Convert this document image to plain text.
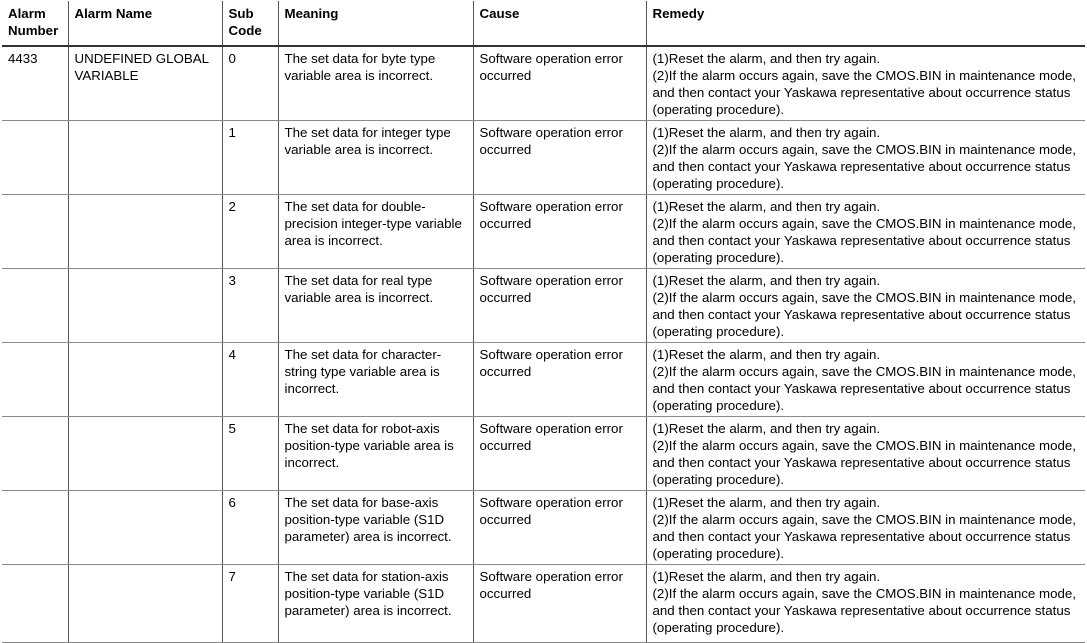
Alarm Number	Alarm Name	Sub Code	Meaning	Cause	Remedy
4433	UNDEFINED GLOBAL VARIABLE	0	The set data for byte type variable area is incorrect.	Software operation error occurred	(1)Reset the alarm, and then try again.
(2)If the alarm occurs again, save the CMOS.BIN in maintenance mode, and then contact your Yaskawa representative about occurrence status (operating procedure).

		1	The set data for integer type variable area is incorrect.	Software operation error occurred	(1)Reset the alarm, and then try again.
(2)If the alarm occurs again, save the CMOS.BIN in maintenance mode, and then contact your Yaskawa representative about occurrence status (operating procedure).

		2	The set data for double-precision integer-type variable area is incorrect.	Software operation error occurred	(1)Reset the alarm, and then try again.
(2)If the alarm occurs again, save the CMOS.BIN in maintenance mode, and then contact your Yaskawa representative about occurrence status (operating procedure).

		3	The set data for real type variable area is incorrect.	Software operation error occurred	(1)Reset the alarm, and then try again.
(2)If the alarm occurs again, save the CMOS.BIN in maintenance mode, and then contact your Yaskawa representative about occurrence status (operating procedure).

		4	The set data for character-string type variable area is incorrect.	Software operation error occurred	(1)Reset the alarm, and then try again.
(2)If the alarm occurs again, save the CMOS.BIN in maintenance mode, and then contact your Yaskawa representative about occurrence status (operating procedure).

		5	The set data for robot-axis position-type variable area is incorrect.	Software operation error occurred	(1)Reset the alarm, and then try again.
(2)If the alarm occurs again, save the CMOS.BIN in maintenance mode, and then contact your Yaskawa representative about occurrence status (operating procedure).

		6	The set data for base-axis position-type variable (S1D parameter) area is incorrect.	Software operation error occurred	(1)Reset the alarm, and then try again.
(2)If the alarm occurs again, save the CMOS.BIN in maintenance mode, and then contact your Yaskawa representative about occurrence status (operating procedure).

		7	The set data for station-axis position-type variable (S1D parameter) area is incorrect.	Software operation error occurred	(1)Reset the alarm, and then try again.
(2)If the alarm occurs again, save the CMOS.BIN in maintenance mode, and then contact your Yaskawa representative about occurrence status (operating procedure).
